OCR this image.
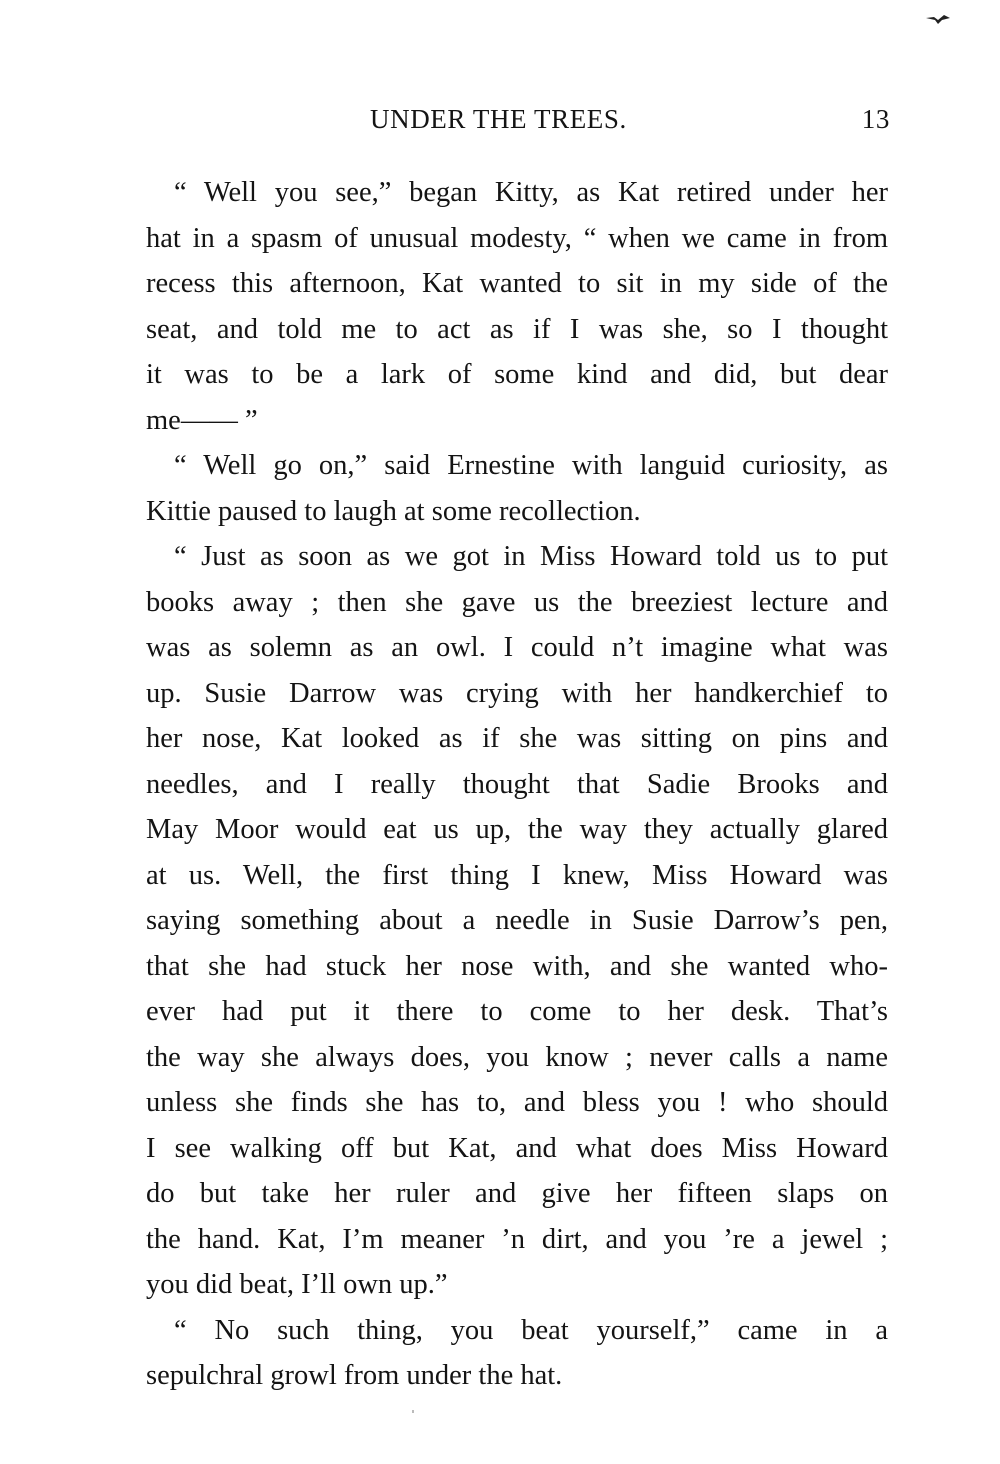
UNDER THE TREES.	13
“ Well you see,” began Kitty, as Kat retired under her
hat in a spasm of unusual modesty, “ when we came in from
recess this afternoon, Kat wanted to sit in my side of the
seat, and told me to act as if I was she, so I thought
it was to be a lark of some kind and did, but dear
me—— ”
“ Well go on,” said Ernestine with languid curiosity, as
Kittie paused to laugh at some recollection.
“ Just as soon as we got in Miss Howard told us to put
books away ; then she gave us the breeziest lecture and
was as solemn as an owl. I could n’t imagine what was
up. Susie Darrow was crying with her handkerchief to
her nose, Kat looked as if she was sitting on pins and
needles, and I really thought that Sadie Brooks and
May Moor would eat us up, the way they actually glared
at us. Well, the first thing I knew, Miss Howard was
saying something about a needle in Susie Darrow’s pen,
that she had stuck her nose with, and she wanted who-
ever had put it there to come to her desk. That’s
the way she always does, you know ; never calls a name
unless she finds she has to, and bless you ! who should
I see walking off but Kat, and what does Miss Howard
do but take her ruler and give her fifteen slaps on
the hand. Kat, I’m meaner ’n dirt, and you ’re a jewel ;
you did beat, I’ll own up.”
“ No such thing, you beat yourself,” came in a
sepulchral growl from under the hat.
